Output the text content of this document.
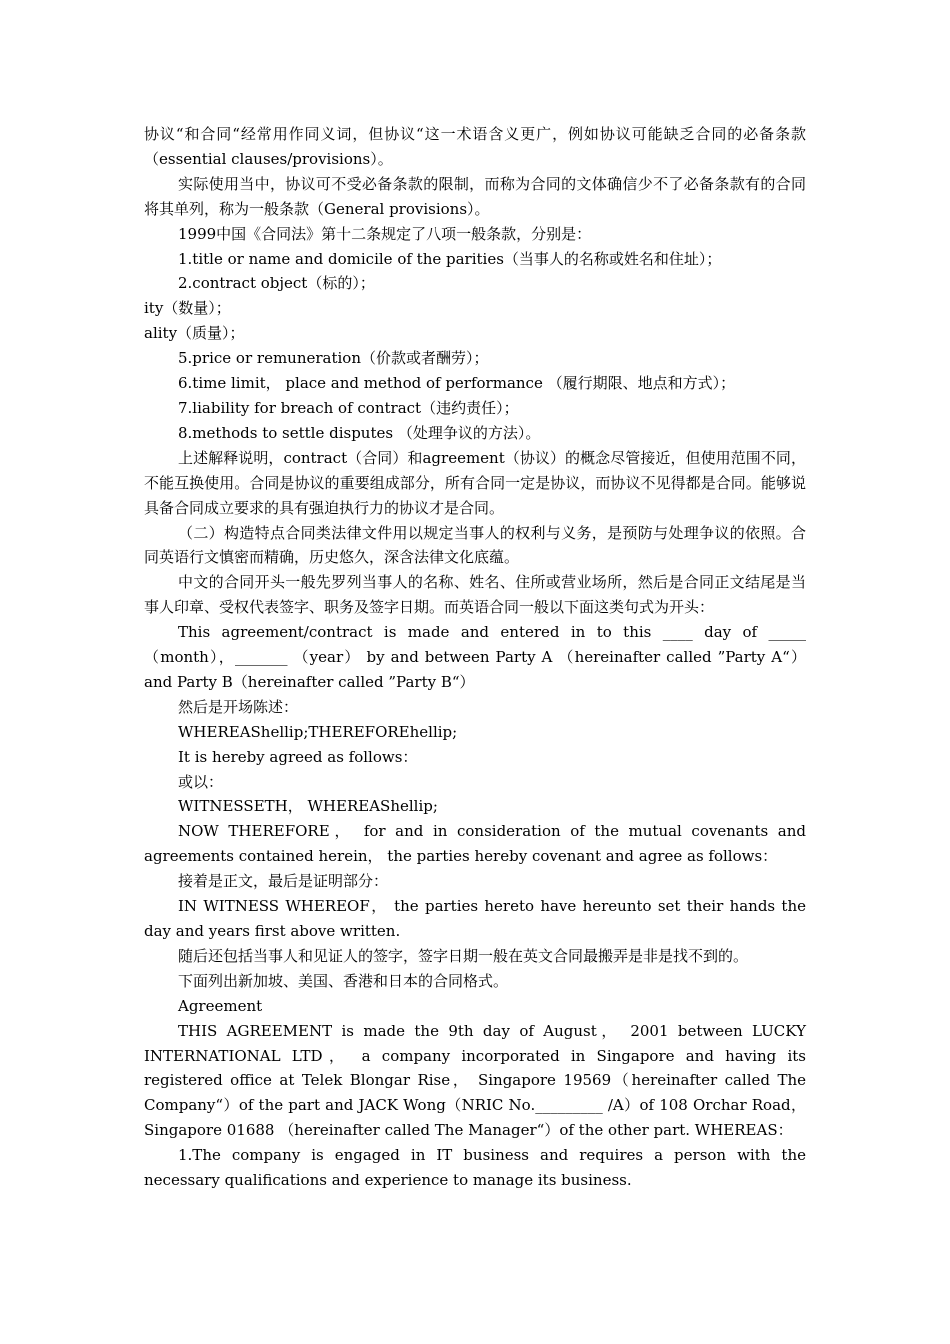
协议“和合同“经常用作同义词，但协议“这一术语含义更广，例如协议可能缺乏合同的必备条款（essential clauses/provisions）。

实际使用当中，协议可不受必备条款的限制，而称为合同的文体确信少不了必备条款有的合同将其单列，称为一般条款（General provisions）。

1999中国《合同法》第十二条规定了八项一般条款，分别是：

1.title or name and domicile of the parities（当事人的名称或姓名和住址）；

2.contract object（标的）；

ity（数量）；

ality（质量）；

5.price or remuneration（价款或者酬劳）；

6.time limit， place and method of performance （履行期限、地点和方式）；

7.liability for breach of contract（违约责任）；

8.methods to settle disputes （处理争议的方法）。

上述解释说明，contract（合同）和agreement（协议）的概念尽管接近，但使用范围不同，不能互换使用。合同是协议的重要组成部分，所有合同一定是协议，而协议不见得都是合同。能够说具备合同成立要求的具有强迫执行力的协议才是合同。

（二）构造特点合同类法律文件用以规定当事人的权利与义务，是预防与处理争议的依照。合同英语行文慎密而精确，历史悠久，深含法律文化底蕴。

中文的合同开头一般先罗列当事人的名称、姓名、住所或营业场所，然后是合同正文结尾是当事人印章、受权代表签字、职务及签字日期。而英语合同一般以下面这类句式为开头：

This agreement/contract is made and entered in to this ____ day of _____ （month），_______ （year） by and between Party A （hereinafter called ”Party A“） and Party B（hereinafter called ”Party B“）

然后是开场陈述：

WHEREAShellip;THEREFOREhellip;

It is hereby agreed as follows：

或以：

WITNESSETH， WHEREAShellip;

NOW THEREFORE， for and in consideration of the mutual covenants and agreements contained herein， the parties hereby covenant and agree as follows：

接着是正文，最后是证明部分：

IN WITNESS WHEREOF， the parties hereto have hereunto set their hands the day and years first above written.

随后还包括当事人和见证人的签字，签字日期一般在英文合同最搬弄是非是找不到的。

下面列出新加坡、美国、香港和日本的合同格式。

Agreement

THIS AGREEMENT is made the 9th day of August， 2001 between LUCKY INTERNATIONAL LTD， a company incorporated in Singapore and having its registered office at Telek Blongar Rise， Singapore 19569（hereinafter called The Company“）of the part and JACK Wong（NRIC No._________ /A）of 108 Orchar Road， Singapore 01688 （hereinafter called The Manager“）of the other part. WHEREAS：

1.The company is engaged in IT business and requires a person with the necessary qualifications and experience to manage its business.
